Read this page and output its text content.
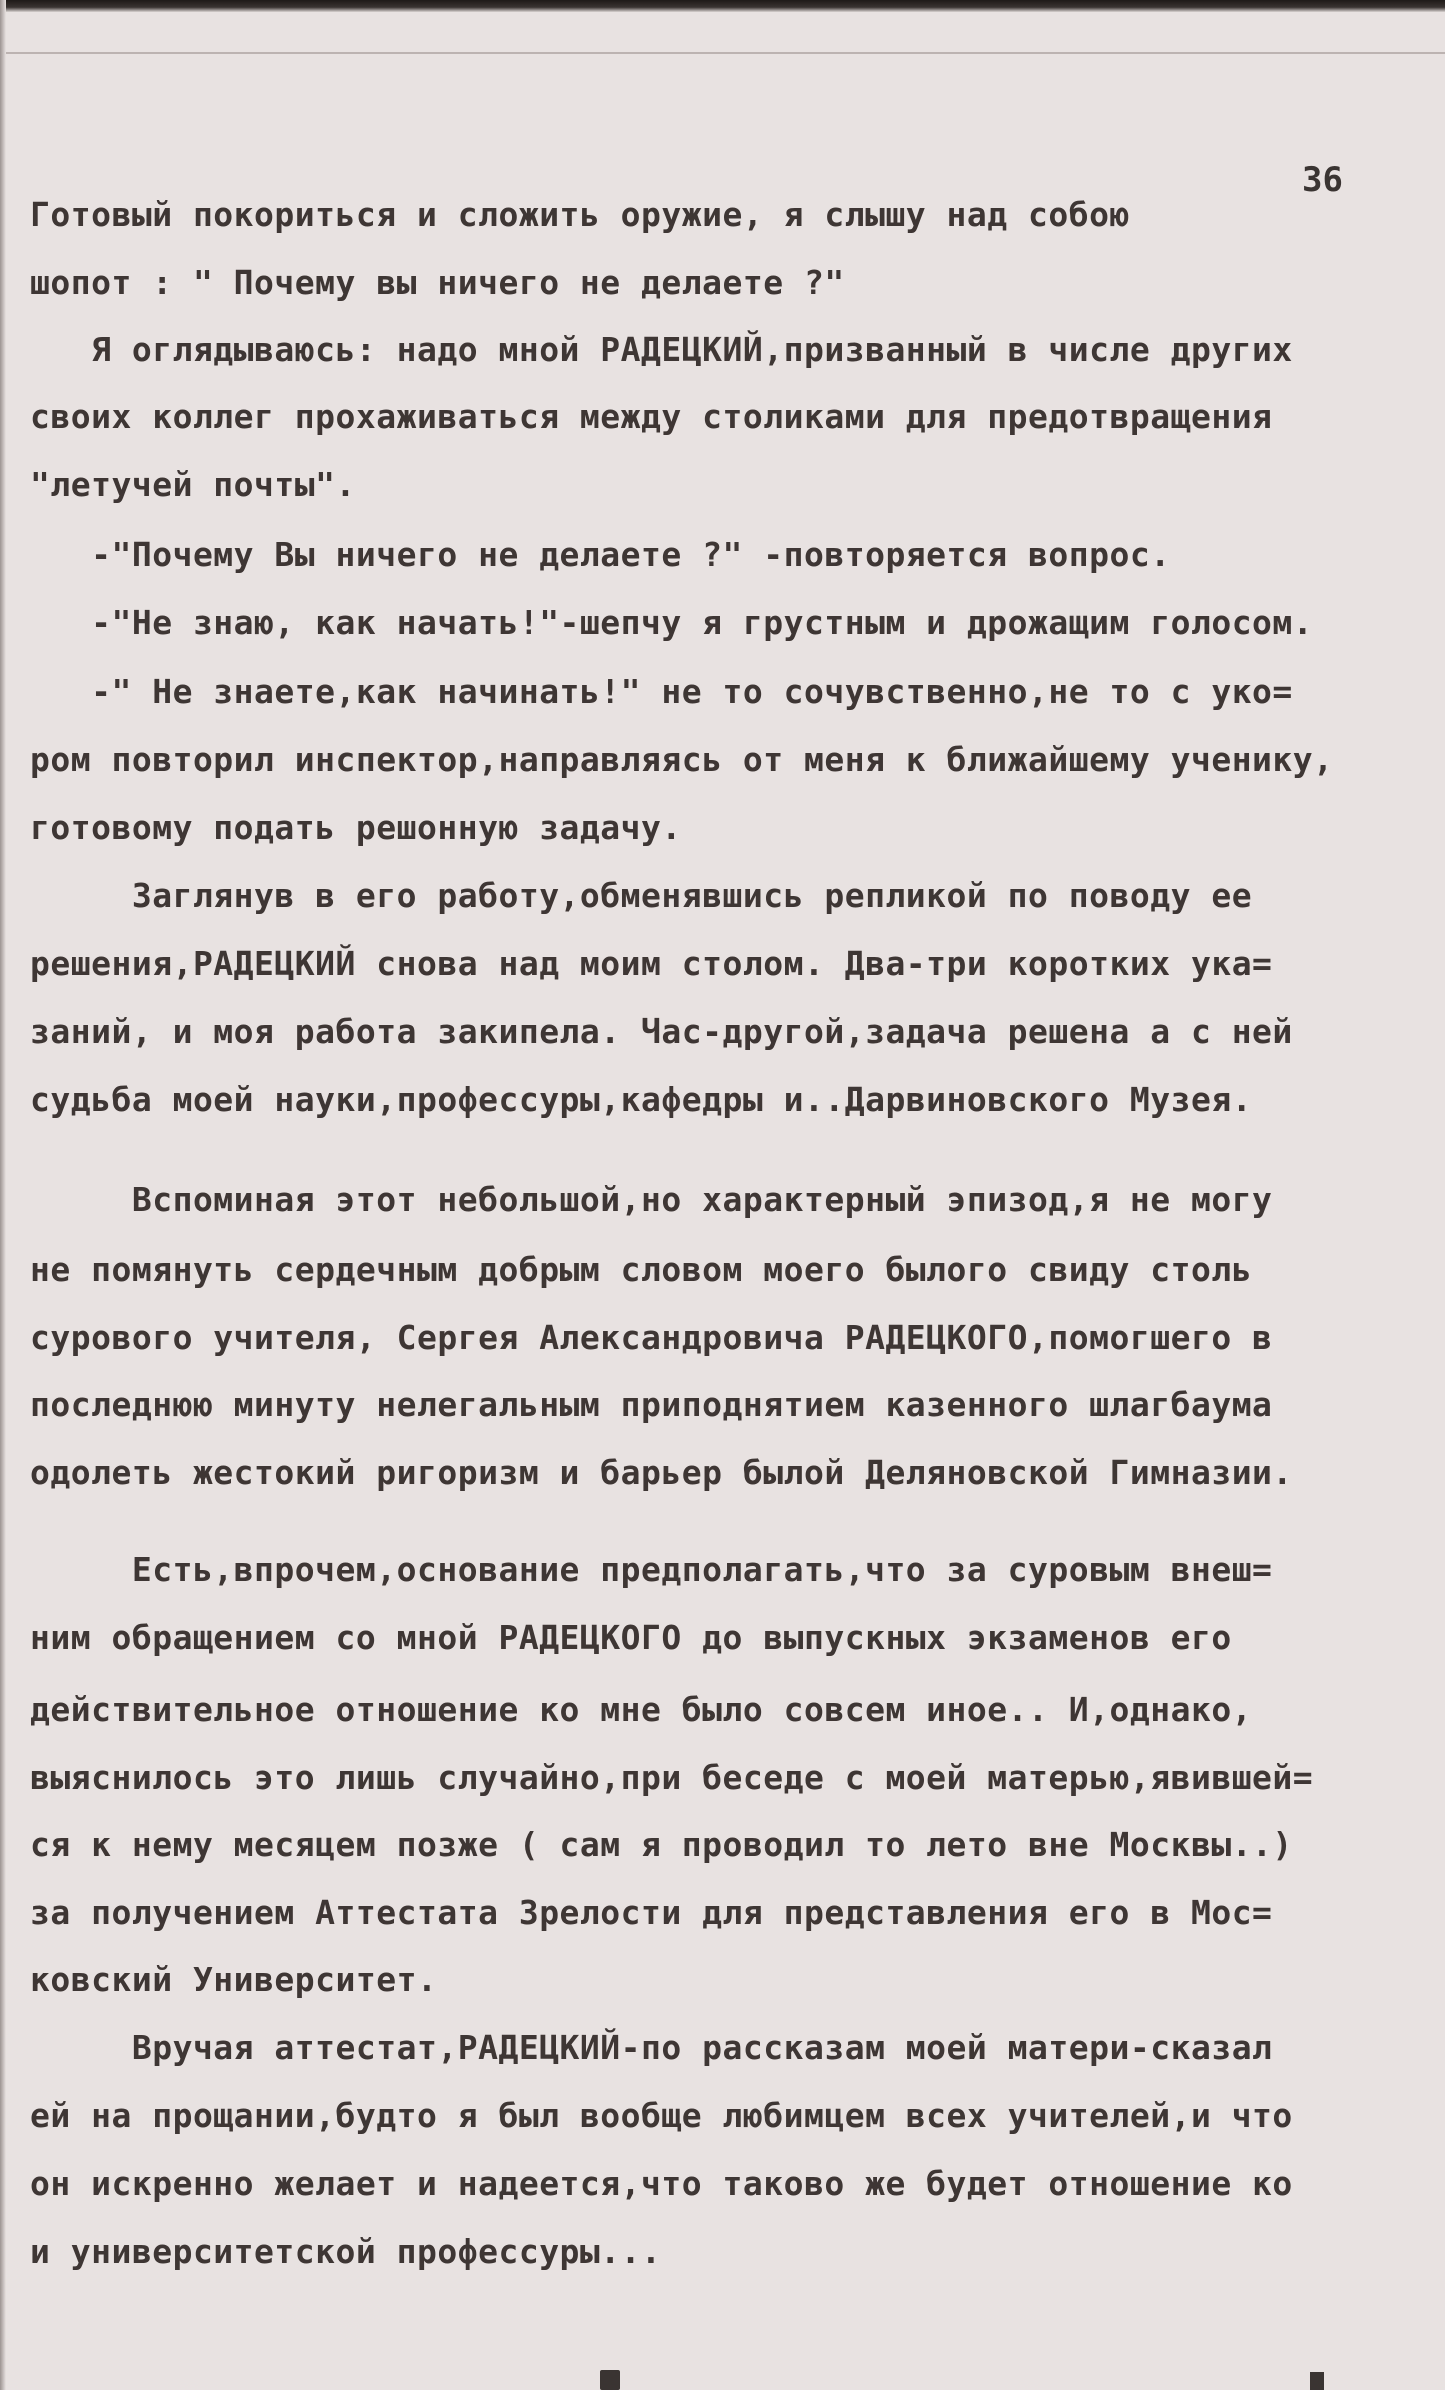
36
Готовый покориться и сложить оружие, я слышу над собою
шопот : " Почему вы ничего не делаете ?"
Я оглядываюсь: надо мной РАДЕЦКИЙ,призванный в числе других
своих коллег прохаживаться между столиками для предотвращения
"летучей почты".
-"Почему Вы ничего не делаете ?" -повторяется вопрос.
-"Не знаю, как начать!"-шепчу я грустным и дрожащим голосом.
-" Не знаете,как начинать!" не то сочувственно,не то с уко=
ром повторил инспектор,направляясь от меня к ближайшему ученику,
готовому подать решонную задачу.
Заглянув в его работу,обменявшись репликой по поводу ее
решения,РАДЕЦКИЙ снова над моим столом. Два-три коротких ука=
заний, и моя работа закипела. Час-другой,задача решена а с ней
судьба моей науки,профессуры,кафедры и..Дарвиновского Музея.
Вспоминая этот небольшой,но характерный эпизод,я не могу
не помянуть сердечным добрым словом моего былого свиду столь
сурового учителя, Сергея Александровича РАДЕЦКОГО,помогшего в
последнюю минуту нелегальным приподнятием казенного шлагбаума
одолеть жестокий ригоризм и барьер былой Деляновской Гимназии.
Есть,впрочем,основание предполагать,что за суровым внеш=
ним обращением со мной РАДЕЦКОГО до выпускных экзаменов его
действительное отношение ко мне было совсем иное.. И,однако,
выяснилось это лишь случайно,при беседе с моей матерью,явившей=
ся к нему месяцем позже ( сам я проводил то лето вне Москвы..)
за получением Аттестата Зрелости для представления его в Мос=
ковский Университет.
Вручая аттестат,РАДЕЦКИЙ-по рассказам моей матери-сказал
ей на прощании,будто я был вообще любимцем всех учителей,и что
он искренно желает и надеется,что таково же будет отношение ко
и университетской профессуры...
